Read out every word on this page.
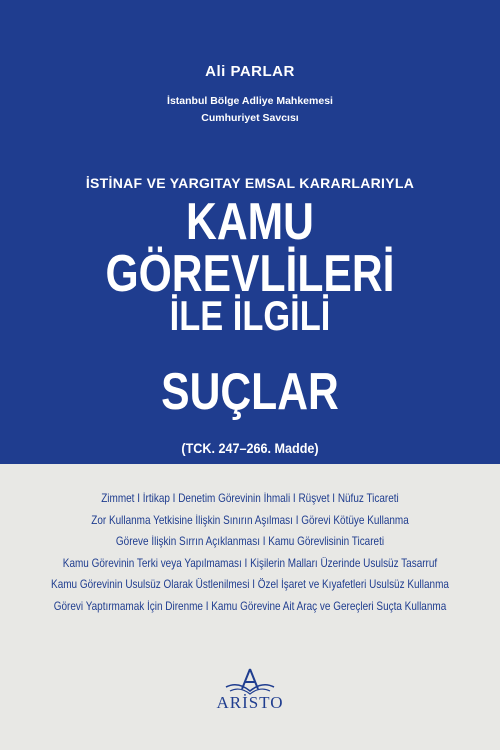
Ali PARLAR
İstanbul Bölge Adliye Mahkemesi
Cumhuriyet Savcısı
İSTİNAF VE YARGITAY EMSAL KARARLARIYLA
KAMU GÖREVLİLERİ
İLE İLGİLİ
SUÇLAR
(TCK. 247–266. Madde)
Zimmet I İrtikap I Denetim Görevinin İhmali I Rüşvet I Nüfuz Ticareti
Zor Kullanma Yetkisine İlişkin Sınırın Aşılması I Görevi Kötüye Kullanma
Göreve İlişkin Sırrın Açıklanması I Kamu Görevlisinin Ticareti
Kamu Görevinin Terki veya Yapılmaması I Kişilerin Malları Üzerinde Usulsüz Tasarruf
Kamu Görevinin Usulsüz Olarak Üstlenilmesi I Özel İşaret ve Kıyafetleri Usulsüz Kullanma
Görevi Yaptırmamak İçin Direnme I Kamu Görevine Ait Araç ve Gereçleri Suçta Kullanma
ARİSTO
